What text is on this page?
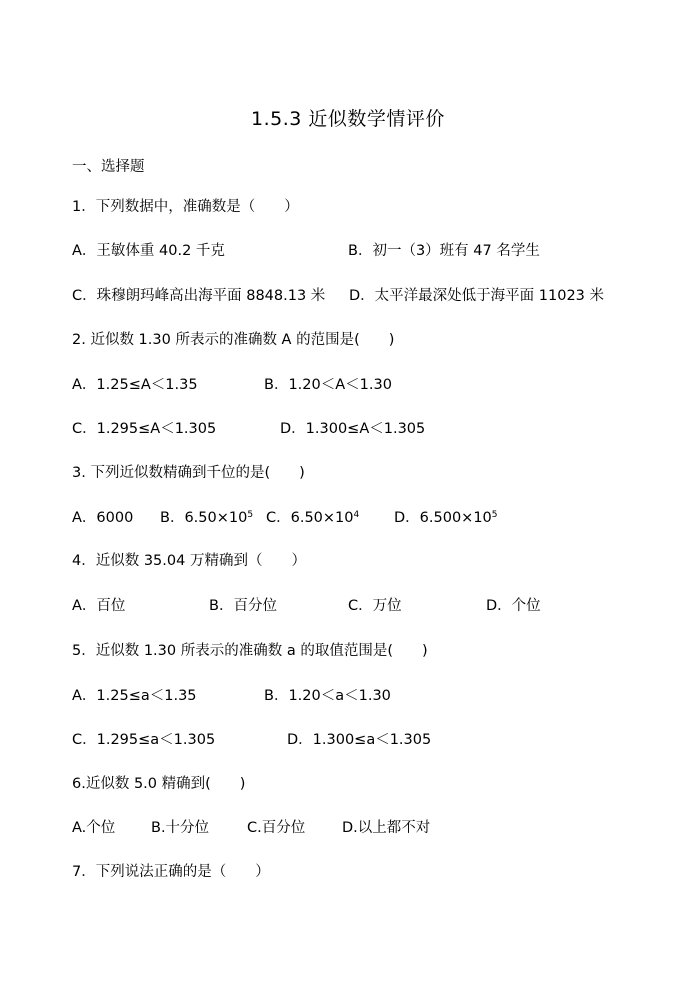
1.5.3 近似数学情评价
一、选择题
1．下列数据中，准确数是（　　）
A．王敏体重 40.2 千克	B．初一（3）班有 47 名学生
C．珠穆朗玛峰高出海平面 8848.13 米 D．太平洋最深处低于海平面 11023 米
2. 近似数 1.30 所表示的准确数 A 的范围是(　　)
A．1.25≤A＜1.35	B．1.20＜A＜1.30
C．1.295≤A＜1.305	D．1.300≤A＜1.305
3. 下列近似数精确到千位的是(　　)
A．6000 B．$6.50\times 10^5$ C．$6.50\times 10^4$ D．$6.500\times 10^5$
4．近似数 35.04 万精确到（　　）
A．百位	B．百分位	C．万位	D．个位
5．近似数 1.30 所表示的准确数 a 的取值范围是(　　)
A．1.25≤a＜1.35	B．1.20＜a＜1.30
C．1.295≤a＜1.305	D．1.300≤a＜1.305
6.近似数 5.0 精确到(　　)
A.个位 B.十分位	C.百分位	D.以上都不对
7．下列说法正确的是（　　）
